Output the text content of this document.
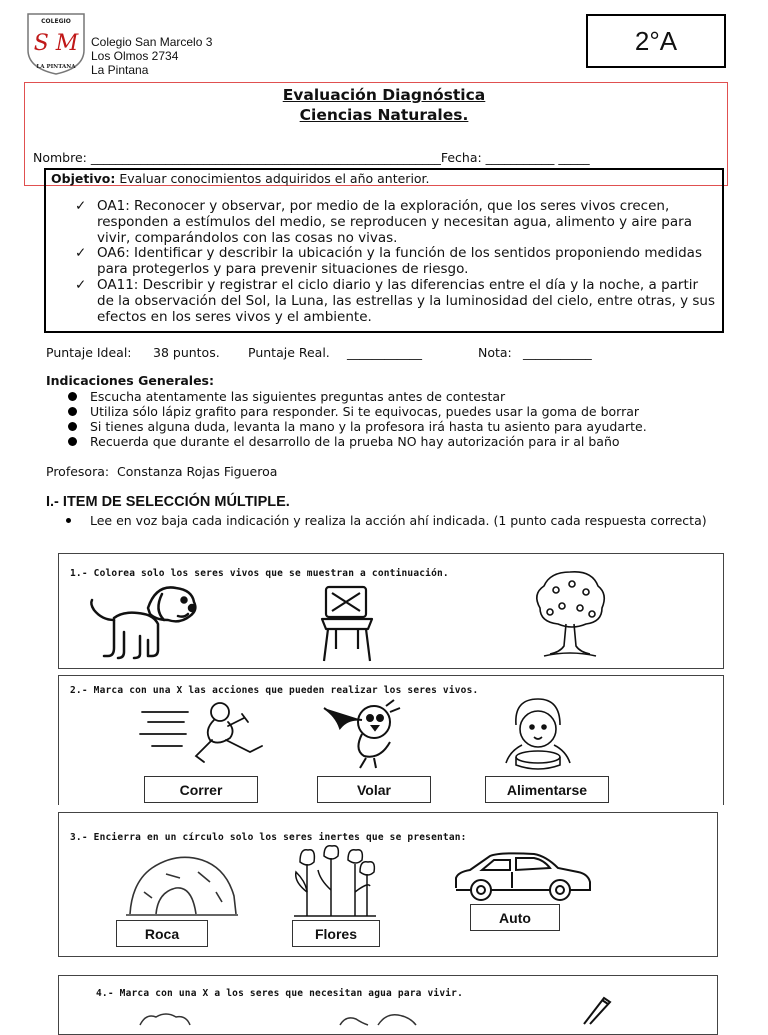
COLEGIO
S M
LA PINTANA
Colegio San Marcelo 3
Los Olmos 2734
La Pintana
2°A
Evaluación Diagnóstica
Ciencias Naturales.
Nombre: ________________________________________________________Fecha: ___________ _____
Objetivo: Evaluar conocimientos adquiridos el año anterior.
✓ OA1: Reconocer y observar, por medio de la exploración, que los seres vivos crecen, responden a estímulos del medio, se reproducen y necesitan agua, alimento y aire para vivir, comparándolos con las cosas no vivas.
✓ OA6: Identificar y describir la ubicación y la función de los sentidos proponiendo medidas para protegerlos y para prevenir situaciones de riesgo.
✓ OA11: Describir y registrar el ciclo diario y las diferencias entre el día y la noche, a partir de la observación del Sol, la Luna, las estrellas y la luminosidad del cielo, entre otras, y sus efectos en los seres vivos y el ambiente.
Puntaje Ideal: 38 puntos. Puntaje Real. ____________	Nota: ___________
Indicaciones Generales:
Escucha atentamente las siguientes preguntas antes de contestar
Utiliza sólo lápiz grafito para responder. Si te equivocas, puedes usar la goma de borrar
Si tienes alguna duda, levanta la mano y la profesora irá hasta tu asiento para ayudarte.
Recuerda que durante el desarrollo de la prueba NO hay autorización para ir al baño
Profesora:  Constanza Rojas Figueroa
I.- ITEM DE SELECCIÓN MÚLTIPLE.
Lee en voz baja cada indicación y realiza la acción ahí indicada. (1 punto cada respuesta correcta)
1.- Colorea solo los seres vivos que se muestran a continuación.
2.- Marca con una X las acciones que pueden realizar los seres vivos.
Correr	Volar	Alimentarse
3.- Encierra en un círculo solo los seres inertes que se presentan:
Roca	Flores
Auto
4.- Marca con una X a los seres que necesitan agua para vivir.
